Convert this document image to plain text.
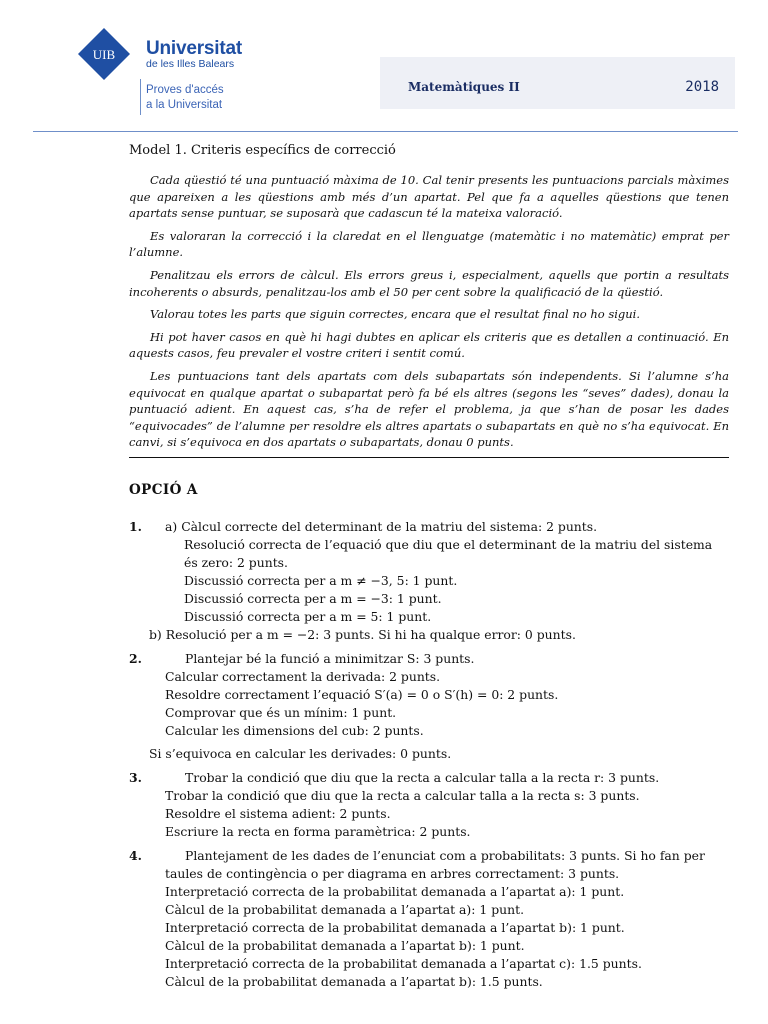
UIB Universitat
de les Illes Balears
Proves d'accés
a la Universitat
Matemàtiques II	2018
Model 1. Criteris específics de correcció

Cada qüestió té una puntuació màxima de 10. Cal tenir presents les puntuacions parcials màximes que apareixen a les qüestions amb més d’un apartat. Pel que fa a aquelles qüestions que tenen apartats sense puntuar, se suposarà que cadascun té la mateixa valoració.

Es valoraran la correcció i la claredat en el llenguatge (matemàtic i no matemàtic) emprat per l’alumne.

Penalitzau els errors de càlcul. Els errors greus i, especialment, aquells que portin a resultats incoherents o absurds, penalitzau-los amb el 50 per cent sobre la qualificació de la qüestió.

Valorau totes les parts que siguin correctes, encara que el resultat final no ho sigui.

Hi pot haver casos en què hi hagi dubtes en aplicar els criteris que es detallen a continuació. En aquests casos, feu prevaler el vostre criteri i sentit comú.

Les puntuacions tant dels apartats com dels subapartats són independents. Si l’alumne s’ha equivocat en qualque apartat o subapartat però fa bé els altres (segons les “seves” dades), donau la puntuació adient. En aquest cas, s’ha de refer el problema, ja que s’han de posar les dades “equivocades” de l’alumne per resoldre els altres apartats o subapartats en què no s’ha equivocat. En canvi, si s’equivoca en dos apartats o subapartats, donau 0 punts.

OPCIÓ A
1. a) Càlcul correcte del determinant de la matriu del sistema: 2 punts.
Resolució correcta de l’equació que diu que el determinant de la matriu del sistema és zero: 2 punts.
Discussió correcta per a m ≠ −3, 5: 1 punt.
Discussió correcta per a m = −3: 1 punt.
Discussió correcta per a m = 5: 1 punt.
b) Resolució per a m = −2: 3 punts. Si hi ha qualque error: 0 punts.
2.	Plantejar bé la funció a minimitzar S: 3 punts.
Calcular correctament la derivada: 2 punts.
Resoldre correctament l’equació S′(a) = 0 o S′(h) = 0: 2 punts.
Comprovar que és un mínim: 1 punt.
Calcular les dimensions del cub: 2 punts.
Si s’equivoca en calcular les derivades: 0 punts.
3.	Trobar la condició que diu que la recta a calcular talla a la recta r: 3 punts.
Trobar la condició que diu que la recta a calcular talla a la recta s: 3 punts.
Resoldre el sistema adient: 2 punts.
Escriure la recta en forma paramètrica: 2 punts.
4.	Plantejament de les dades de l’enunciat com a probabilitats: 3 punts. Si ho fan per taules de contingència o per diagrama en arbres correctament: 3 punts.
Interpretació correcta de la probabilitat demanada a l’apartat a): 1 punt.
Càlcul de la probabilitat demanada a l’apartat a): 1 punt.
Interpretació correcta de la probabilitat demanada a l’apartat b): 1 punt.
Càlcul de la probabilitat demanada a l’apartat b): 1 punt.
Interpretació correcta de la probabilitat demanada a l’apartat c): 1.5 punts.
Càlcul de la probabilitat demanada a l’apartat b): 1.5 punts.
